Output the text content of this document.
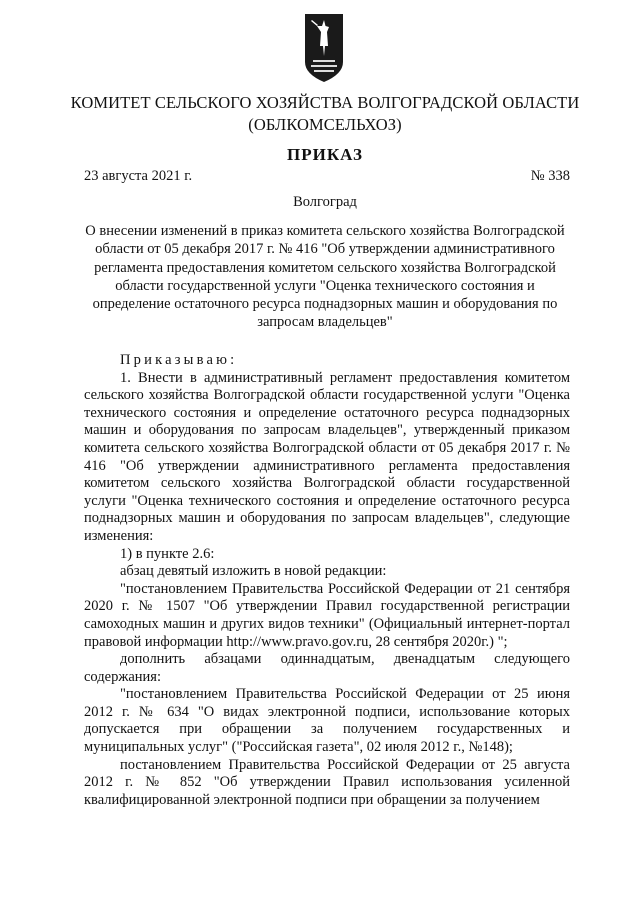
КОМИТЕТ СЕЛЬСКОГО ХОЗЯЙСТВА ВОЛГОГРАДСКОЙ ОБЛАСТИ
(ОБЛКОМСЕЛЬХОЗ)
ПРИКАЗ
23 августа 2021 г.	№ 338
Волгоград
О внесении изменений в приказ комитета сельского хозяйства Волгоградской области от 05 декабря 2017 г. № 416 "Об утверждении административного регламента предоставления комитетом сельского хозяйства Волгоградской области государственной услуги "Оценка технического состояния и определение остаточного ресурса поднадзорных машин и оборудования по запросам владельцев"

Приказываю:

1. Внести в административный регламент предоставления комитетом сельского хозяйства Волгоградской области государственной услуги "Оценка технического состояния и определение остаточного ресурса поднадзорных машин и оборудования по запросам владельцев", утвержденный приказом комитета сельского хозяйства Волгоградской области от 05 декабря 2017 г. № 416 "Об утверждении административного регламента предоставления комитетом сельского хозяйства Волгоградской области государственной услуги "Оценка технического состояния и определение остаточного ресурса поднадзорных машин и оборудования по запросам владельцев", следующие изменения:

1) в пункте 2.6:

абзац девятый изложить в новой редакции:

"постановлением Правительства Российской Федерации от 21 сентября 2020 г. № 1507 "Об утверждении Правил государственной регистрации самоходных машин и других видов техники" (Официальный интернет-портал правовой информации http://www.pravo.gov.ru, 28 сентября 2020г.) ";

дополнить абзацами одиннадцатым, двенадцатым следующего содержания:

"постановлением Правительства Российской Федерации от 25 июня 2012 г. № 634 "О видах электронной подписи, использование которых допускается при обращении за получением государственных и муниципальных услуг" ("Российская газета", 02 июля 2012 г., №148);

постановлением Правительства Российской Федерации от 25 августа 2012 г. № 852 "Об утверждении Правил использования усиленной квалифицированной электронной подписи при обращении за получением
